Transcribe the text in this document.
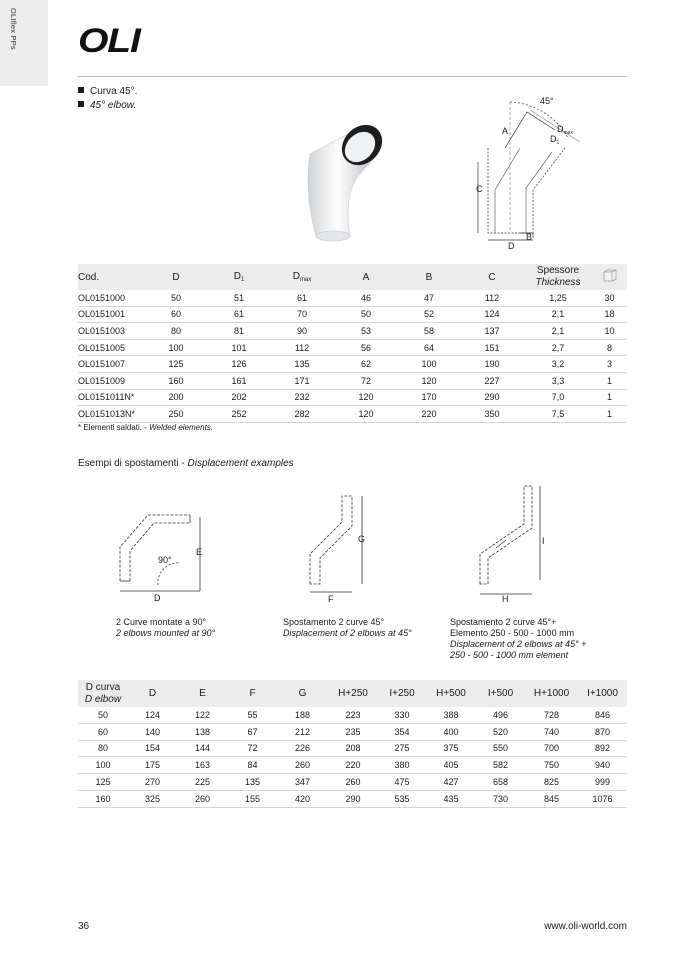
OLIflex PPs OLI
Curva 45°.
45° elbow.	45°
A
C
B
D
$D_1$
$D_{max}$
Cod.	D	$D_1$	$D_{max}$	A	B	C	Spessore
Thickness	
OL0151000	50	51	61	46	47	112	1,25	30
OL0151001	60	61	70	50	52	124	2,1	18
OL0151003	80	81	90	53	58	137	2,1	10
OL0151005	100	101	112	56	64	151	2,7	8
OL0151007	125	126	135	62	100	190	3,2	3
OL0151009	160	161	171	72	120	227	3,3	1
OL0151011N*	200	202	232	120	170	290	7,0	1
OL0151013N*	250	252	282	120	220	350	7,5	1
* Elementi saldati. - Welded elements.
Esempi di spostamenti - Displacement examples
E
D
90°
2 Curve montate a 90°
2 elbows mounted at 90°
G
F
Spostamento 2 curve 45°
Displacement of 2 elbows at 45°
I
H
Spostamento 2 curve 45°+
Elemento 250 - 500 - 1000 mm
Displacement of 2 elbows at 45° +
250 - 500 - 1000 mm element
D curva
D elbow	D	E	F	G	H+250	I+250	H+500	I+500	H+1000	I+1000
50	124	122	55	188	223	330	388	496	728	846
60	140	138	67	212	235	354	400	520	740	870
80	154	144	72	226	208	275	375	550	700	892
100	175	163	84	260	220	380	405	582	750	940
125	270	225	135	347	260	475	427	658	825	999
160	325	260	155	420	290	535	435	730	845	1076
36	www.oli-world.com
